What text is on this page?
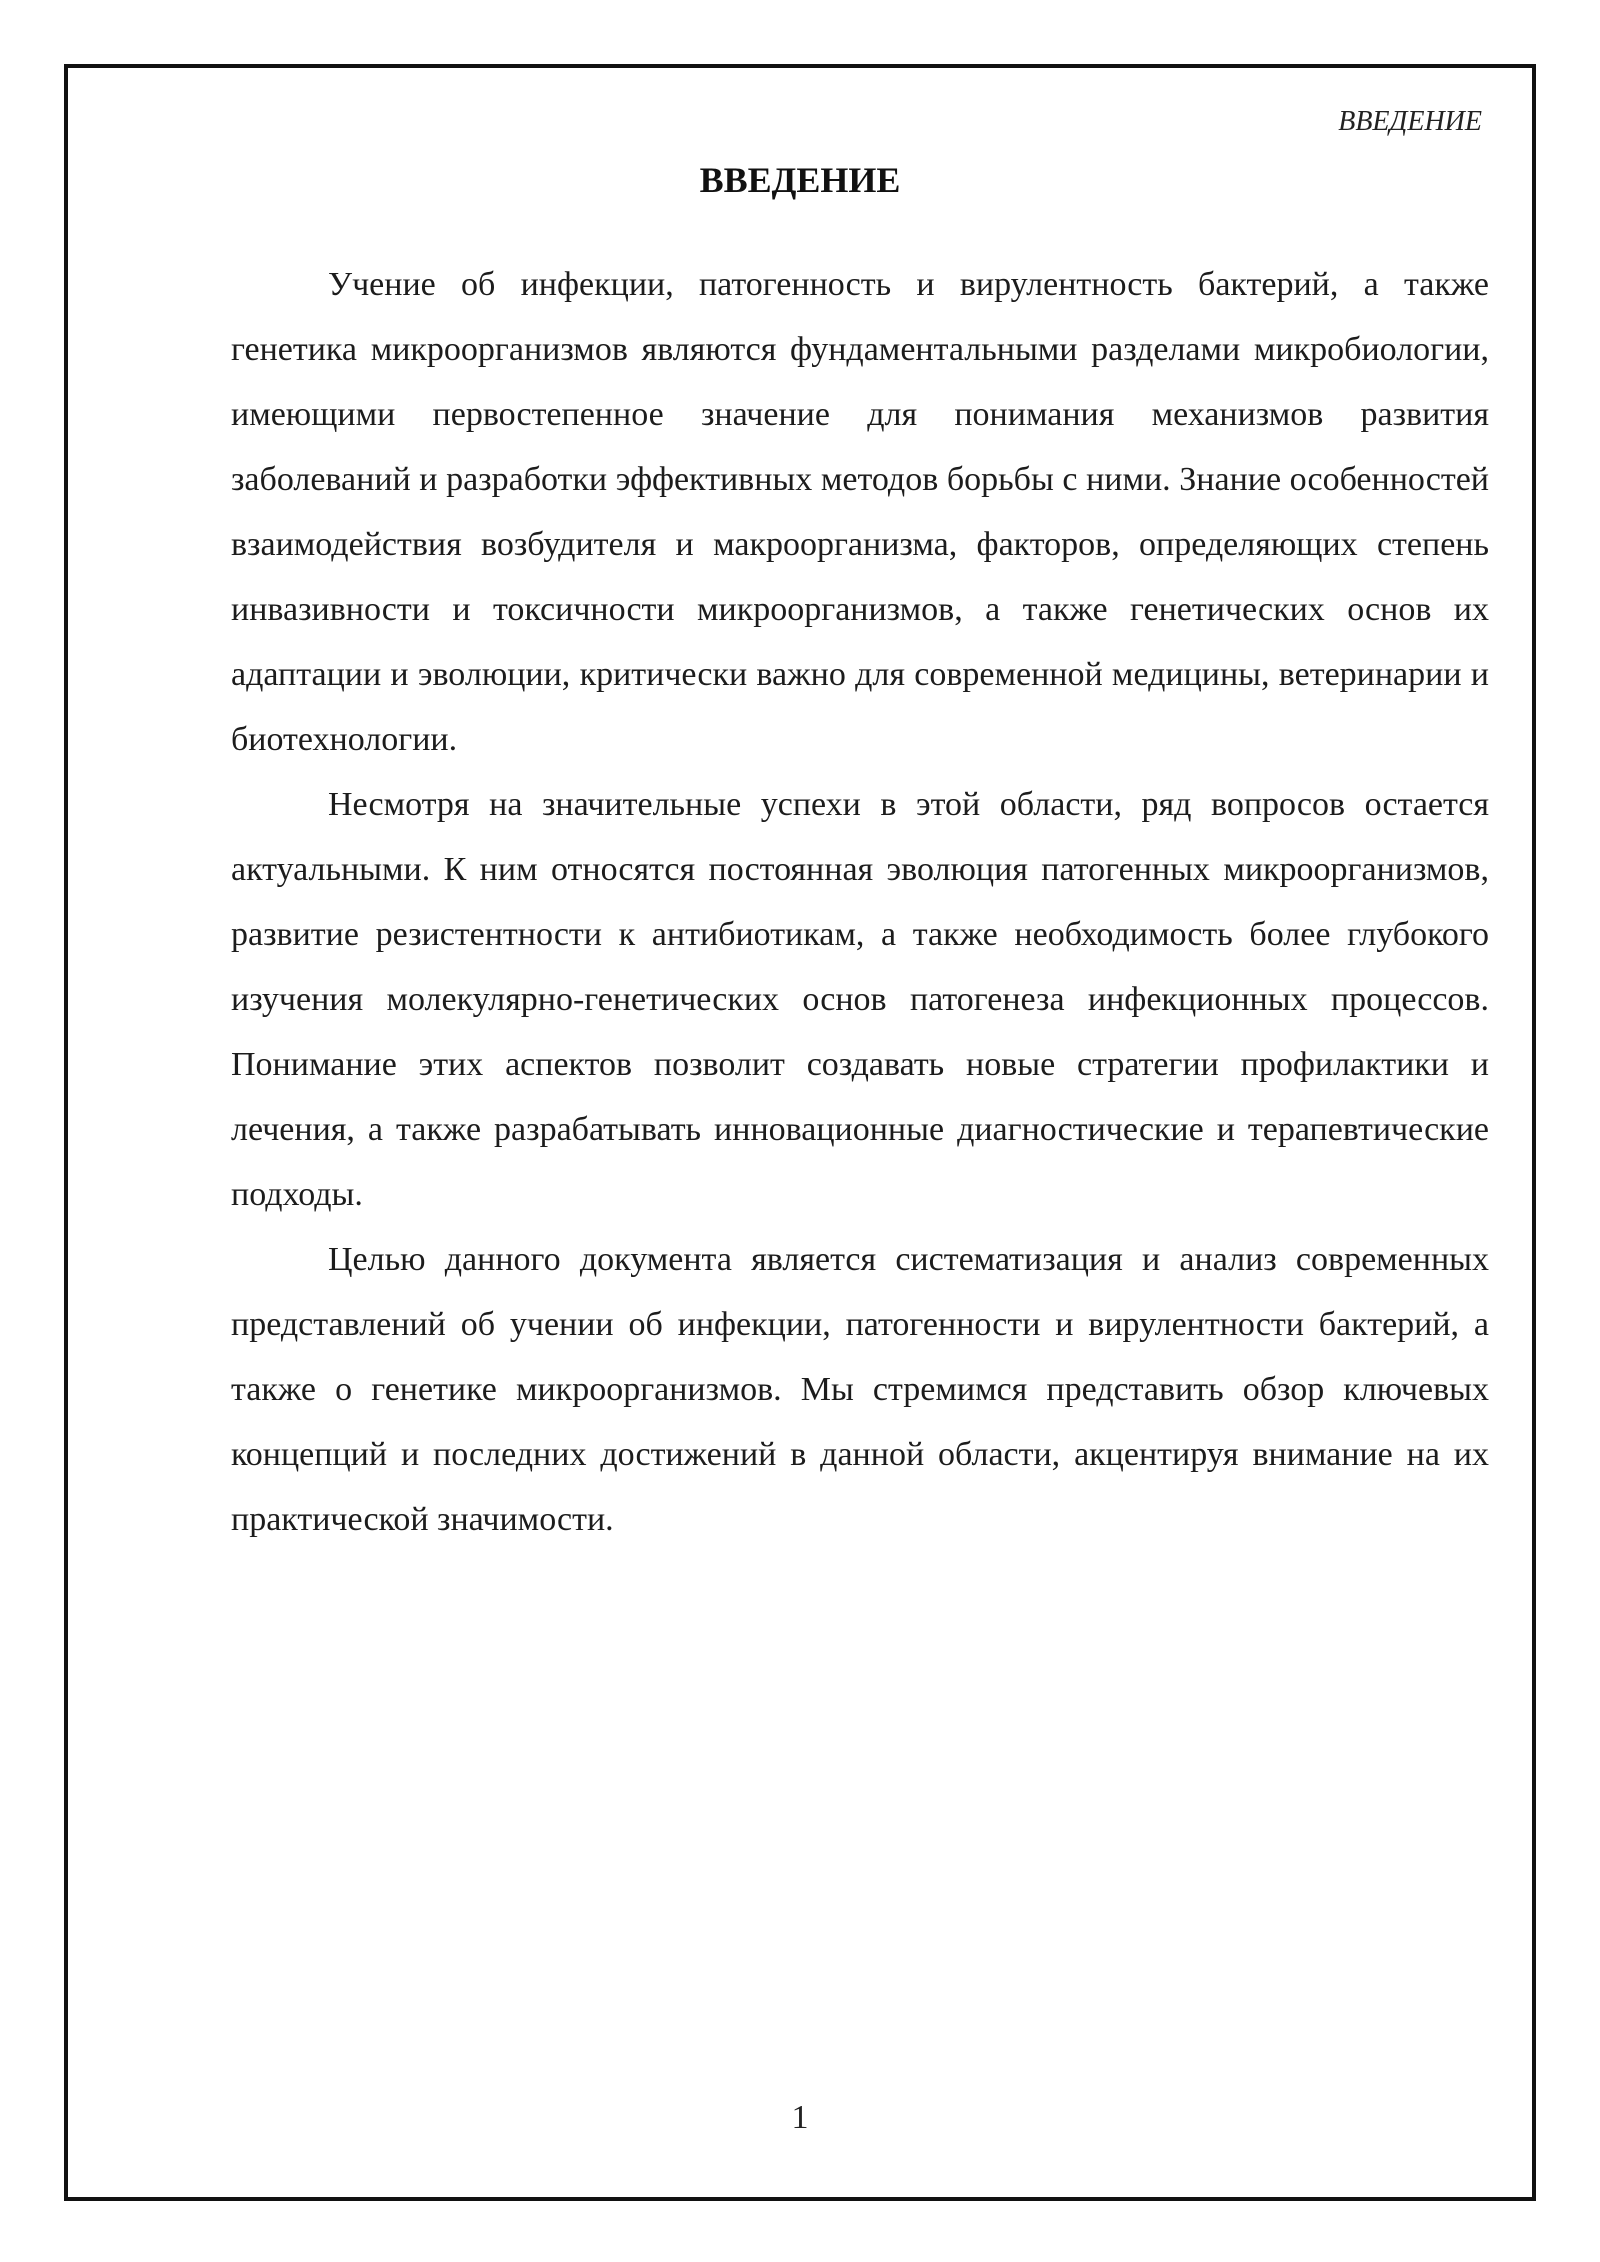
ВВЕДЕНИЕ
ВВЕДЕНИЕ

Учение об инфекции, патогенность и вирулентность бактерий, а также генетика микроорганизмов являются фундаментальными разделами микробиологии, имеющими первостепенное значение для понимания механизмов развития заболеваний и разработки эффективных методов борьбы с ними. Знание особенностей взаимодействия возбудителя и макроорганизма, факторов, определяющих степень инвазивности и токсичности микроорганизмов, а также генетических основ их адаптации и эволюции, критически важно для современной медицины, ветеринарии и биотехнологии.

Несмотря на значительные успехи в этой области, ряд вопросов остается актуальными. К ним относятся постоянная эволюция патогенных микроорганизмов, развитие резистентности к антибиотикам, а также необходимость более глубокого изучения молекулярно-генетических основ патогенеза инфекционных процессов. Понимание этих аспектов позволит создавать новые стратегии профилактики и лечения, а также разрабатывать инновационные диагностические и терапевтические подходы.

Целью данного документа является систематизация и анализ современных представлений об учении об инфекции, патогенности и вирулентности бактерий, а также о генетике микроорганизмов. Мы стремимся представить обзор ключевых концепций и последних достижений в данной области, акцентируя внимание на их практической значимости.

1
